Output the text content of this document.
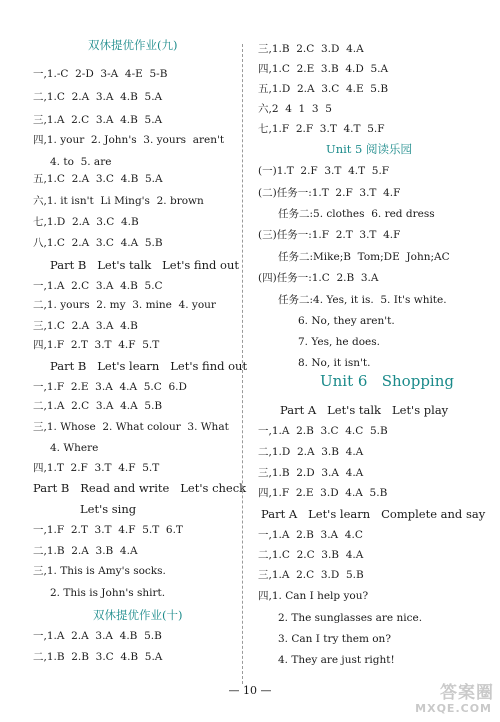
双休提优作业(九)
一,1.-C  2-D  3-A  4-E  5-B
二,1.C  2.A  3.A  4.B  5.A
三,1.A  2.C  3.A  4.B  5.A
四,1. your  2. John's  3. yours  aren't
4. to  5. are
五,1.C  2.A  3.C  4.B  5.A
六,1. it isn't  Li Ming's  2. brown
七,1.D  2.A  3.C  4.B
八,1.C  2.A  3.C  4.A  5.B
Part B   Let's talk   Let's find out
一,1.A  2.C  3.A  4.B  5.C
二,1. yours  2. my  3. mine  4. your
三,1.C  2.A  3.A  4.B
四,1.F  2.T  3.T  4.F  5.T
Part B   Let's learn   Let's find out
一,1.F  2.E  3.A  4.A  5.C  6.D
二,1.A  2.C  3.A  4.A  5.B
三,1. Whose  2. What colour  3. What
4. Where
四,1.T  2.F  3.T  4.F  5.T
Part B   Read and write   Let's check
Let's sing
一,1.F  2.T  3.T  4.F  5.T  6.T
二,1.B  2.A  3.B  4.A
三,1. This is Amy's socks.
2. This is John's shirt.
双休提优作业(十)
一,1.A  2.A  3.A  4.B  5.B
二,1.B  2.B  3.C  4.B  5.A
三,1.B  2.C  3.D  4.A
四,1.C  2.E  3.B  4.D  5.A
五,1.D  2.A  3.C  4.E  5.B
六,2  4  1  3  5
七,1.F  2.F  3.T  4.T  5.F
Unit 5 阅读乐园
(一)1.T  2.F  3.T  4.T  5.F
(二)任务一:1.T  2.F  3.T  4.F
任务二:5. clothes  6. red dress
(三)任务一:1.F  2.T  3.T  4.F
任务二:Mike;B  Tom;DE  John;AC
(四)任务一:1.C  2.B  3.A
任务二:4. Yes, it is.  5. It's white.
6. No, they aren't.
7. Yes, he does.
8. No, it isn't.
Unit 6   Shopping
Part A   Let's talk   Let's play
一,1.A  2.B  3.C  4.C  5.B
二,1.D  2.A  3.B  4.A
三,1.B  2.D  3.A  4.A
四,1.F  2.E  3.D  4.A  5.B
Part A   Let's learn   Complete and say
一,1.A  2.B  3.A  4.C
二,1.C  2.C  3.B  4.A
三,1.A  2.C  3.D  5.B
四,1. Can I help you?
2. The sunglasses are nice.
3. Can I try them on?
4. They are just right!
— 10 —	答案圈
MXQE.COM
